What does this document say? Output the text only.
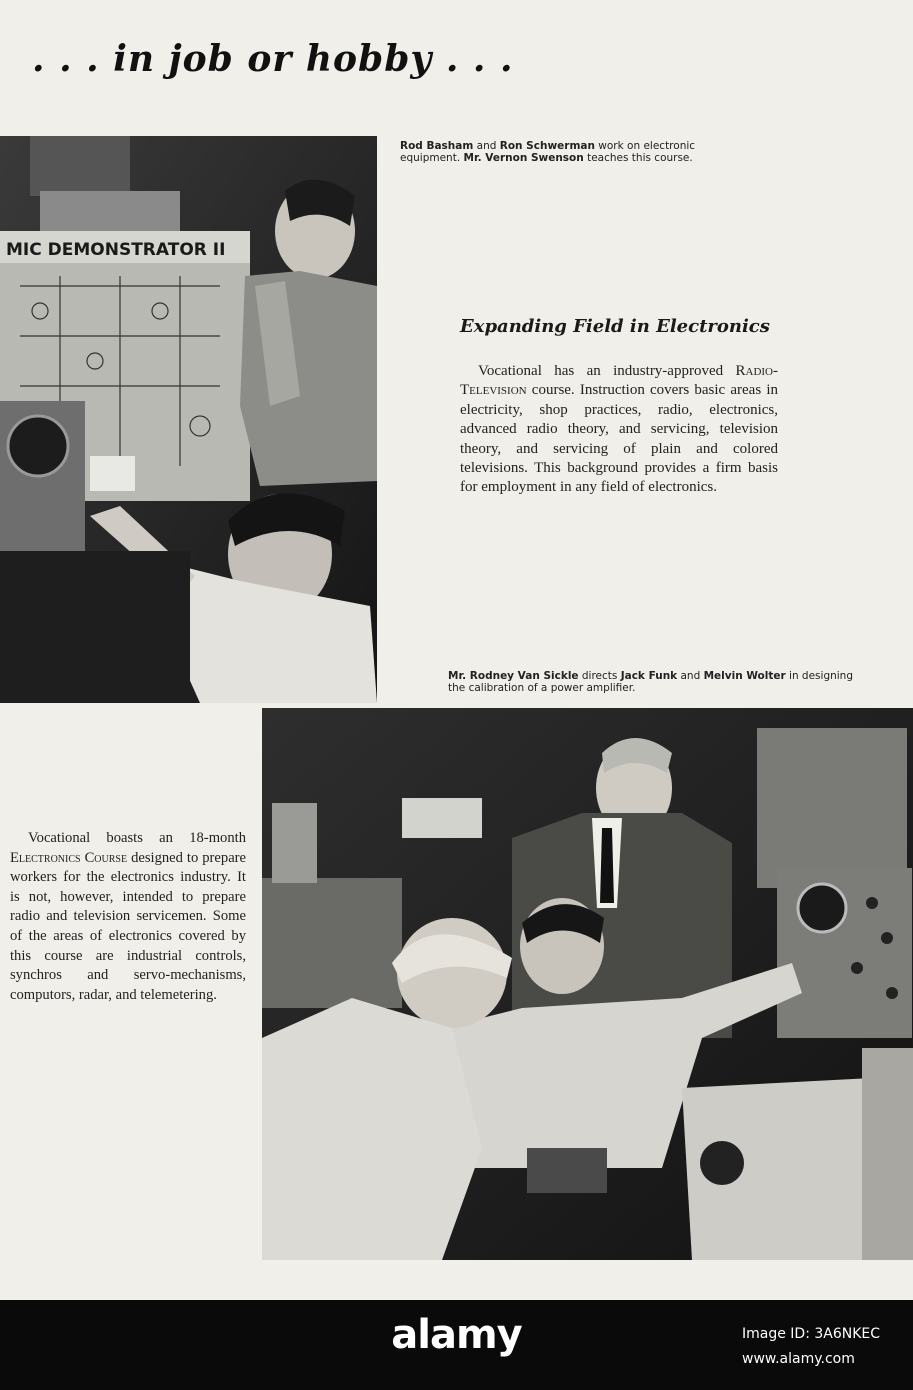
. . . in job or hobby . . .
MIC DEMONSTRATOR II
Rod Basham and Ron Schwerman work on electronic equipment. Mr. Vernon Swenson teaches this course.
Expanding Field in Electronics

Vocational has an industry-approved Radio-Television course. Instruction covers basic areas in electricity, shop practices, radio, electronics, advanced radio theory, and servicing, television theory, and servicing of plain and colored televisions. This background provides a firm basis for employment in any field of electronics.

Mr. Rodney Van Sickle directs Jack Funk and Melvin Wolter in designing the calibration of a power amplifier.

Vocational boasts an 18-month Electronics Course designed to prepare workers for the electronics industry. It is not, however, intended to prepare radio and television servicemen. Some of the areas of electronics covered by this course are industrial controls, synchros and servo-mechanisms, computors, radar, and telemetering.

alamy	Image ID: 3A6NKEC
www.alamy.com
